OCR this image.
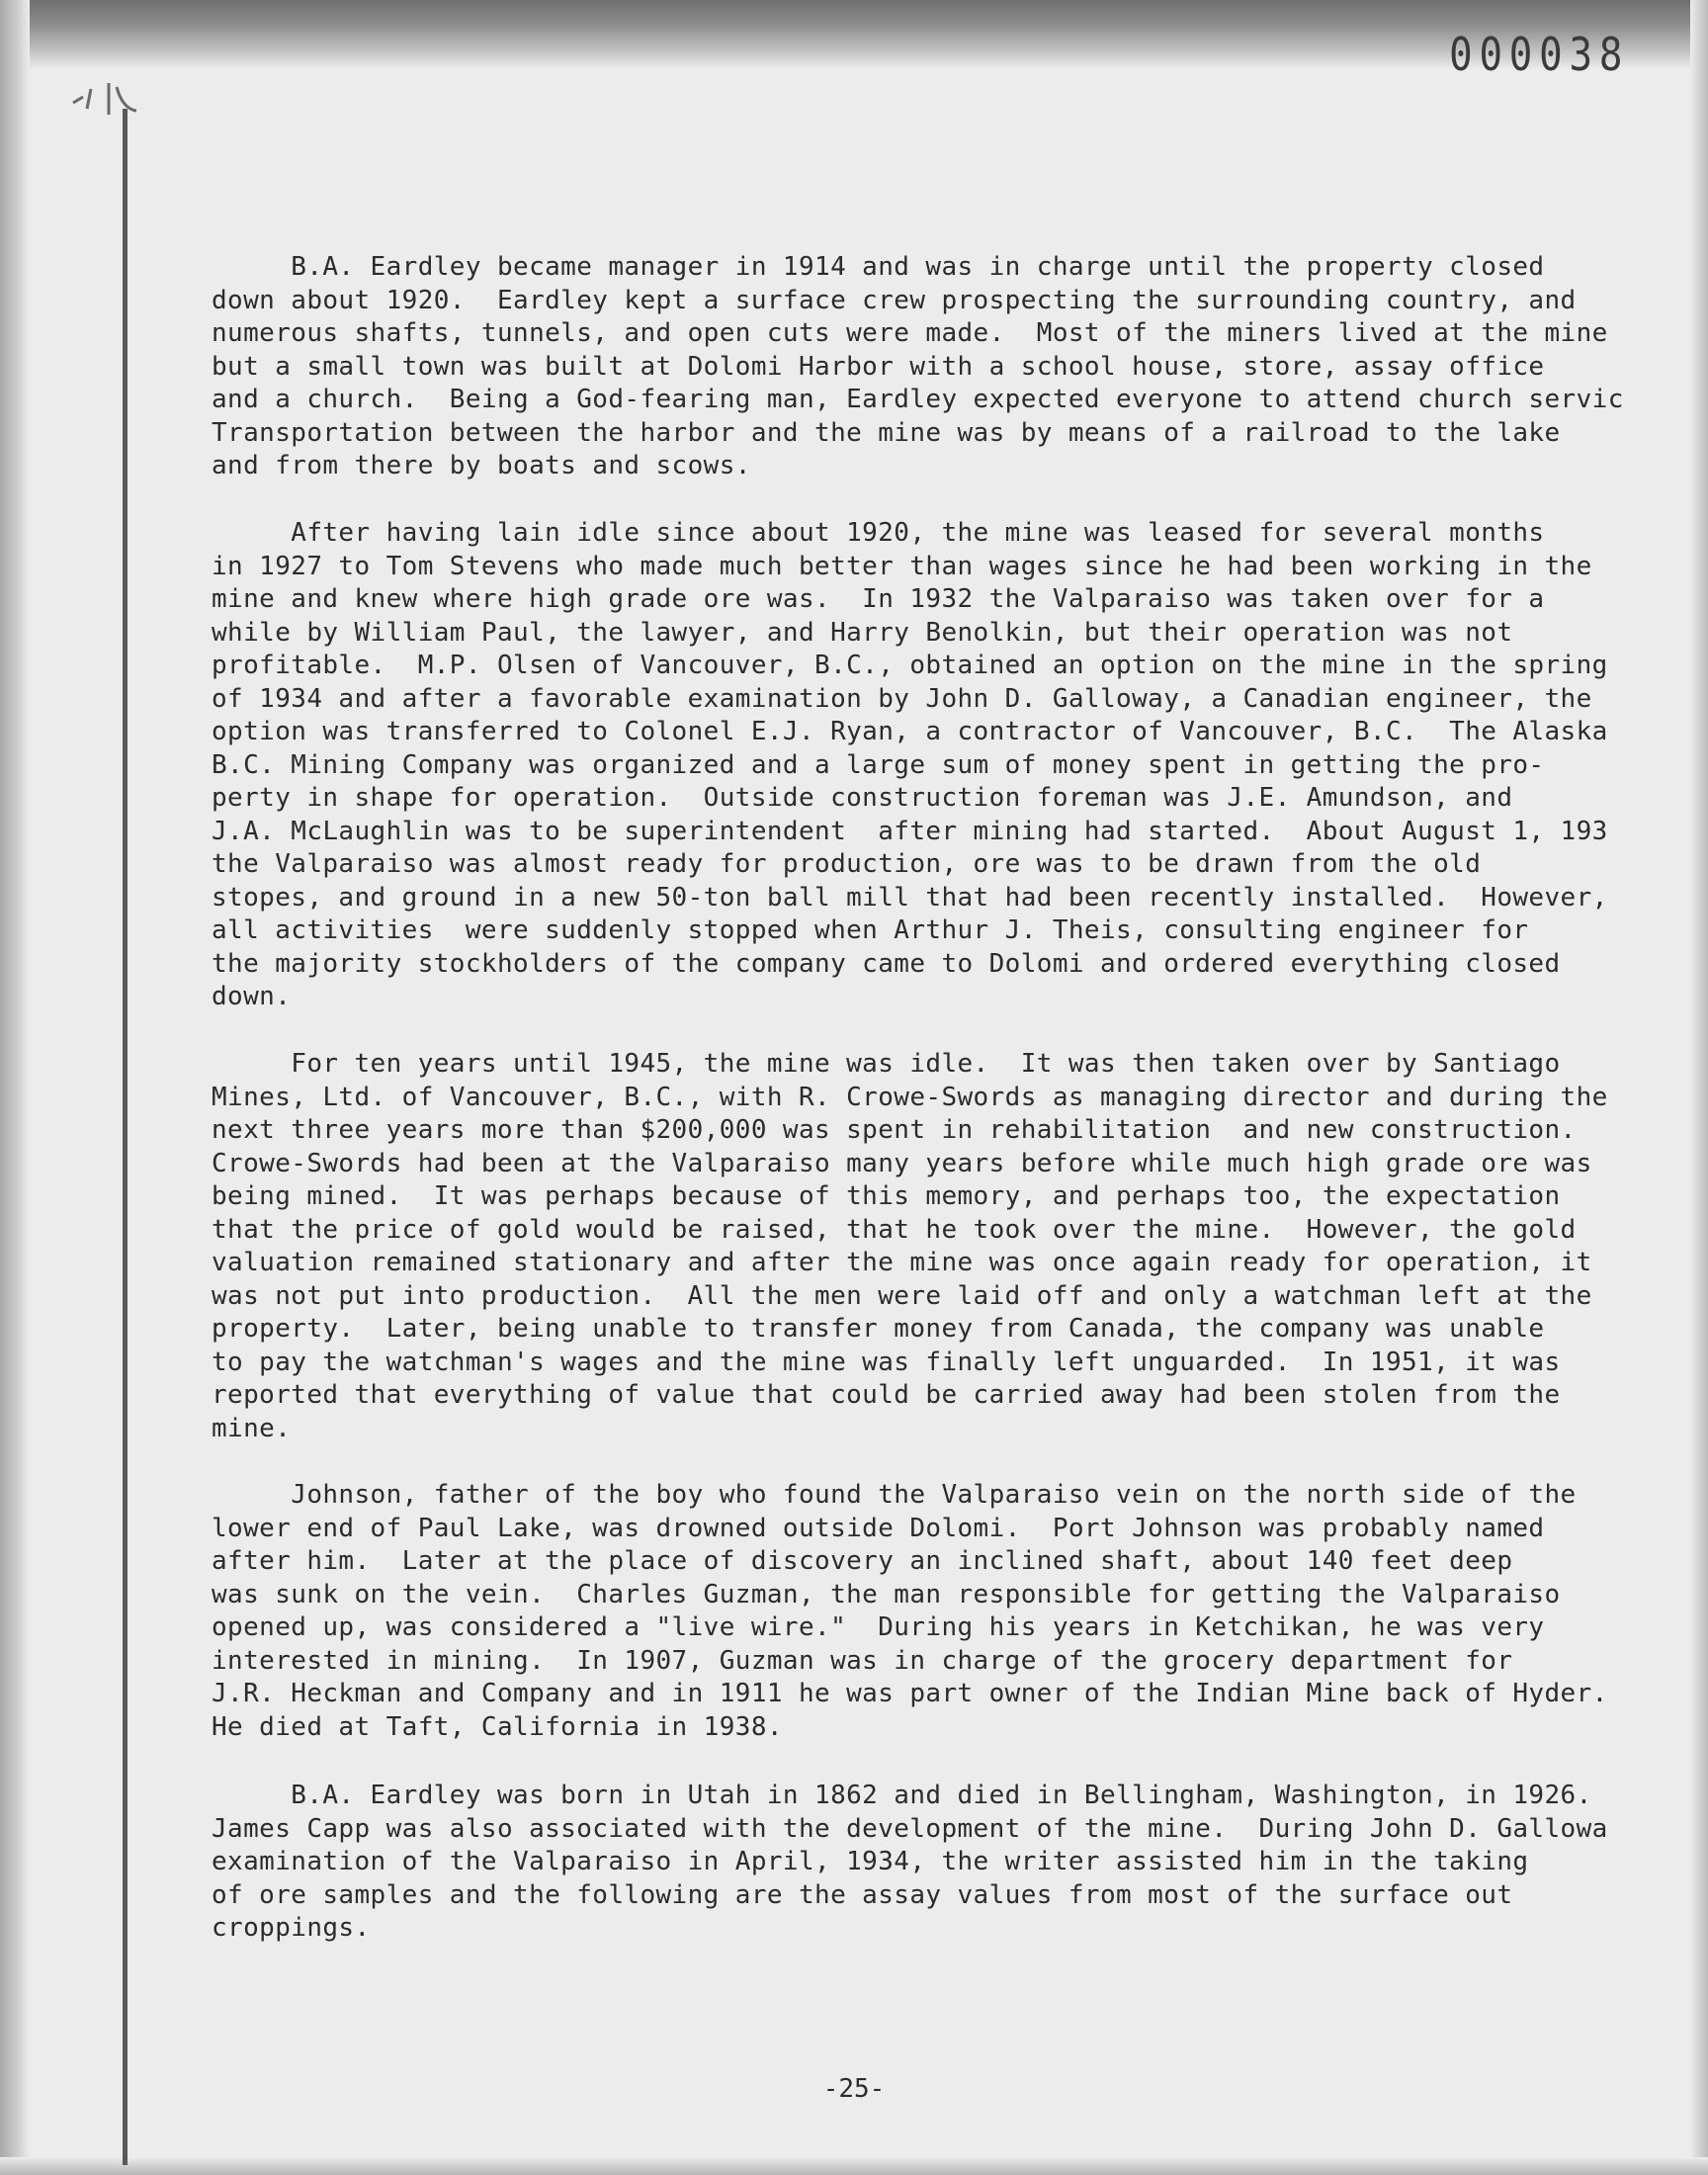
000038
B.A. Eardley became manager in 1914 and was in charge until the property closed
down about 1920.  Eardley kept a surface crew prospecting the surrounding country, and
numerous shafts, tunnels, and open cuts were made.  Most of the miners lived at the mine
but a small town was built at Dolomi Harbor with a school house, store, assay office
and a church.  Being a God-fearing man, Eardley expected everyone to attend church servic
Transportation between the harbor and the mine was by means of a railroad to the lake
and from there by boats and scows.
After having lain idle since about 1920, the mine was leased for several months
in 1927 to Tom Stevens who made much better than wages since he had been working in the
mine and knew where high grade ore was.  In 1932 the Valparaiso was taken over for a
while by William Paul, the lawyer, and Harry Benolkin, but their operation was not
profitable.  M.P. Olsen of Vancouver, B.C., obtained an option on the mine in the spring
of 1934 and after a favorable examination by John D. Galloway, a Canadian engineer, the
option was transferred to Colonel E.J. Ryan, a contractor of Vancouver, B.C.  The Alaska
B.C. Mining Company was organized and a large sum of money spent in getting the pro-
perty in shape for operation.  Outside construction foreman was J.E. Amundson, and
J.A. McLaughlin was to be superintendent  after mining had started.  About August 1, 193
the Valparaiso was almost ready for production, ore was to be drawn from the old
stopes, and ground in a new 50-ton ball mill that had been recently installed.  However,
all activities  were suddenly stopped when Arthur J. Theis, consulting engineer for
the majority stockholders of the company came to Dolomi and ordered everything closed
down.
For ten years until 1945, the mine was idle.  It was then taken over by Santiago
Mines, Ltd. of Vancouver, B.C., with R. Crowe-Swords as managing director and during the
next three years more than $200,000 was spent in rehabilitation  and new construction.
Crowe-Swords had been at the Valparaiso many years before while much high grade ore was
being mined.  It was perhaps because of this memory, and perhaps too, the expectation
that the price of gold would be raised, that he took over the mine.  However, the gold
valuation remained stationary and after the mine was once again ready for operation, it
was not put into production.  All the men were laid off and only a watchman left at the
property.  Later, being unable to transfer money from Canada, the company was unable
to pay the watchman's wages and the mine was finally left unguarded.  In 1951, it was
reported that everything of value that could be carried away had been stolen from the
mine.
Johnson, father of the boy who found the Valparaiso vein on the north side of the
lower end of Paul Lake, was drowned outside Dolomi.  Port Johnson was probably named
after him.  Later at the place of discovery an inclined shaft, about 140 feet deep
was sunk on the vein.  Charles Guzman, the man responsible for getting the Valparaiso
opened up, was considered a "live wire."  During his years in Ketchikan, he was very
interested in mining.  In 1907, Guzman was in charge of the grocery department for
J.R. Heckman and Company and in 1911 he was part owner of the Indian Mine back of Hyder.
He died at Taft, California in 1938.
B.A. Eardley was born in Utah in 1862 and died in Bellingham, Washington, in 1926.
James Capp was also associated with the development of the mine.  During John D. Gallowa
examination of the Valparaiso in April, 1934, the writer assisted him in the taking
of ore samples and the following are the assay values from most of the surface out
croppings.
-25-
